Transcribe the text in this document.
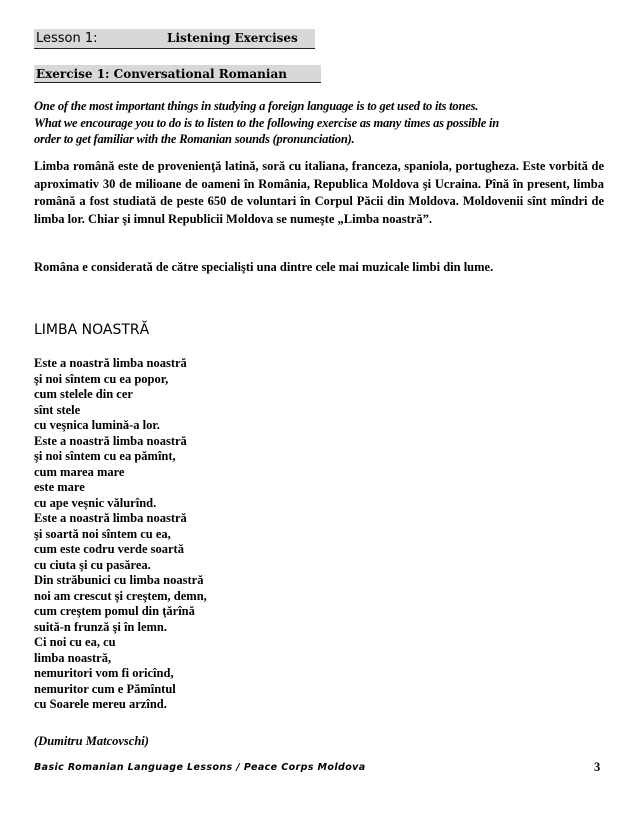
Lesson 1:	Listening Exercises
Exercise 1: Conversational Romanian
One of the most important things in studying a foreign language is to get used to its tones.
What we encourage you to do is to listen to the following exercise as many times as possible in
order to get familiar with the Romanian sounds (pronunciation).
Limba română este de provenienţă latină, soră cu italiana, franceza, spaniola, portugheza. Este vorbită de aproximativ 30 de milioane de oameni în România, Republica Moldova şi Ucraina. Pînă în present, limba română a fost studiată de peste 650 de voluntari în Corpul Păcii din Moldova. Moldovenii sînt mîndri de limba lor. Chiar şi imnul Republicii Moldova se numeşte „Limba noastră”.
Româna e considerată de către specialişti una dintre cele mai muzicale limbi din lume.
LIMBA NOASTRĂ
Este a noastră limba noastră
şi noi sîntem cu ea popor,
cum stelele din cer
sînt stele
cu veşnica lumină-a lor.
Este a noastră limba noastră
şi noi sîntem cu ea pămînt,
cum marea mare
este mare
cu ape veşnic vălurînd.
Este a noastră limba noastră
şi soartă noi sîntem cu ea,
cum este codru verde soartă
cu ciuta şi cu pasărea.
Din străbunici cu limba noastră
noi am crescut şi creştem, demn,
cum creştem pomul din ţărînă
suită-n frunză şi în lemn.
Ci noi cu ea, cu
limba noastră,
nemuritori vom fi oricînd,
nemuritor cum e Pămîntul
cu Soarele mereu arzînd.
(Dumitru Matcovschi)
Basic Romanian Language Lessons / Peace Corps Moldova	3
